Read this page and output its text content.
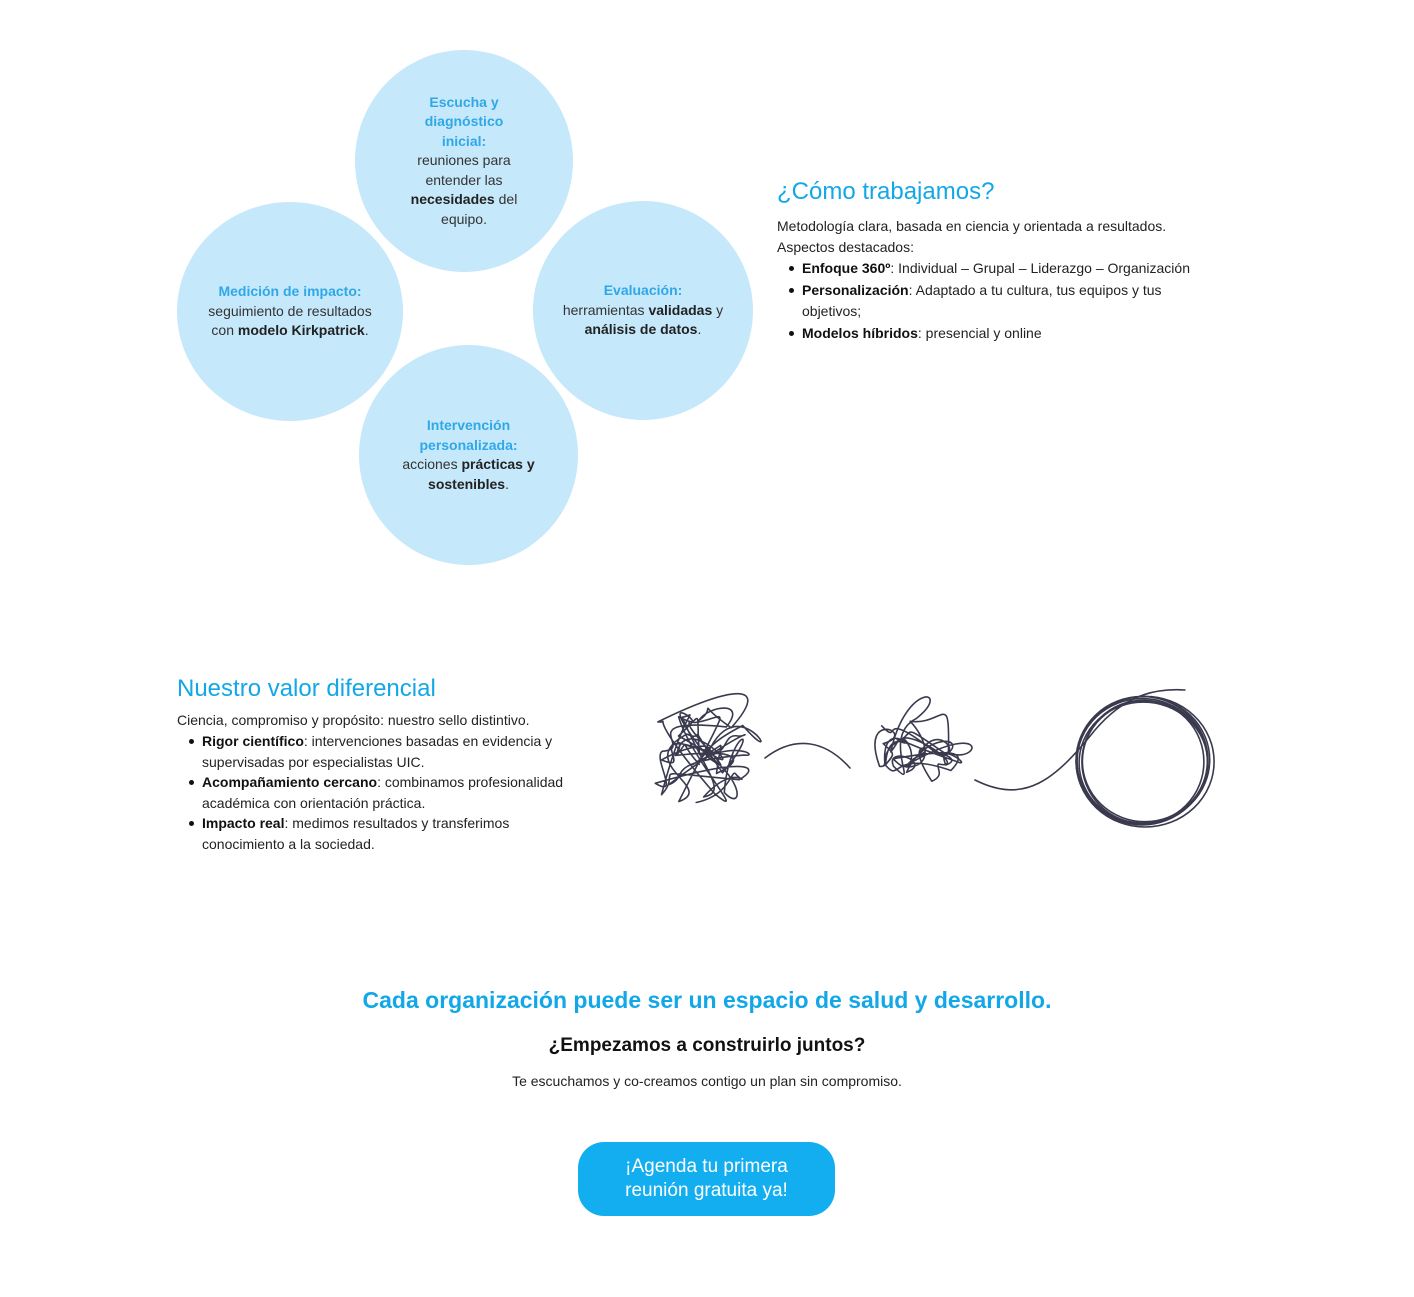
Escucha y diagnóstico inicial:
reuniones para entender las necesidades del equipo.
Medición de impacto:
seguimiento de resultados con modelo Kirkpatrick.
Evaluación:
herramientas validadas y análisis de datos.
Intervención personalizada:
acciones prácticas y sostenibles.
¿Cómo trabajamos?

Metodología clara, basada en ciencia y orientada a resultados.

Aspectos destacados:

Enfoque 360º: Individual – Grupal – Liderazgo – Organización
Personalización: Adaptado a tu cultura, tus equipos y tus objetivos;
Modelos híbridos: presencial y online
Nuestro valor diferencial

Ciencia, compromiso y propósito: nuestro sello distintivo.

Rigor científico: intervenciones basadas en evidencia y supervisadas por especialistas UIC.
Acompañamiento cercano: combinamos profesionalidad académica con orientación práctica.
Impacto real: medimos resultados y transferimos conocimiento a la sociedad.
Cada organización puede ser un espacio de salud y desarrollo.
¿Empezamos a construirlo juntos?
Te escuchamos y co-creamos contigo un plan sin compromiso.
¡Agenda tu primera reunión gratuita ya!
